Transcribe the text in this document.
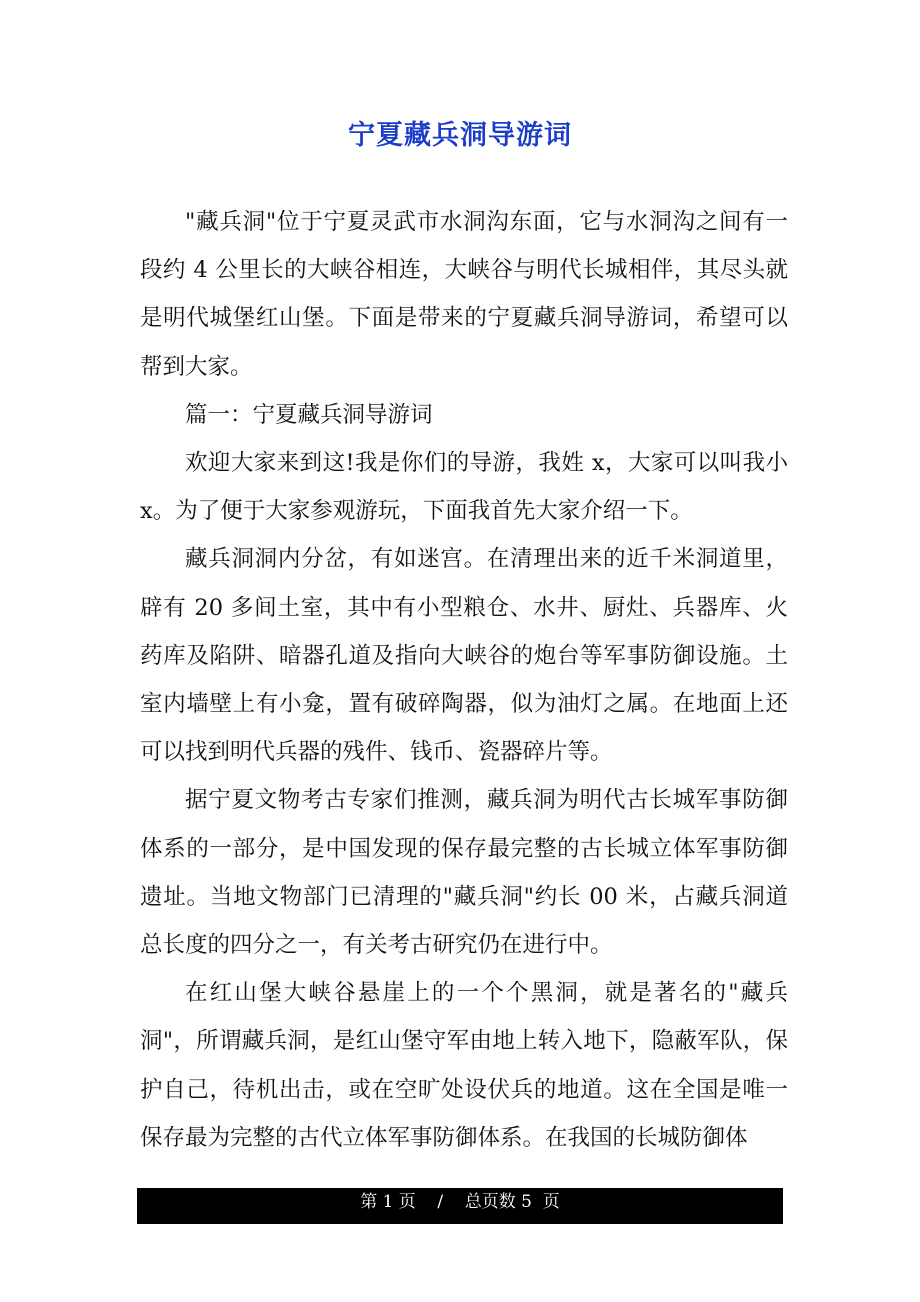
宁夏藏兵洞导游词

"藏兵洞"位于宁夏灵武市水洞沟东面，它与水洞沟之间有一段约 4 公里长的大峡谷相连，大峡谷与明代长城相伴，其尽头就是明代城堡红山堡。下面是带来的宁夏藏兵洞导游词，希望可以帮到大家。

篇一：宁夏藏兵洞导游词

欢迎大家来到这!我是你们的导游，我姓 x，大家可以叫我小 x。为了便于大家参观游玩，下面我首先大家介绍一下。

藏兵洞洞内分岔，有如迷宫。在清理出来的近千米洞道里，辟有 20 多间土室，其中有小型粮仓、水井、厨灶、兵器库、火药库及陷阱、暗器孔道及指向大峡谷的炮台等军事防御设施。土室内墙壁上有小龛，置有破碎陶器，似为油灯之属。在地面上还可以找到明代兵器的残件、钱币、瓷器碎片等。

据宁夏文物考古专家们推测，藏兵洞为明代古长城军事防御体系的一部分，是中国发现的保存最完整的古长城立体军事防御遗址。当地文物部门已清理的"藏兵洞"约长 00 米，占藏兵洞道总长度的四分之一，有关考古研究仍在进行中。

在红山堡大峡谷悬崖上的一个个黑洞，就是著名的"藏兵洞"，所谓藏兵洞，是红山堡守军由地上转入地下，隐蔽军队，保护自己，待机出击，或在空旷处设伏兵的地道。这在全国是唯一保存最为完整的古代立体军事防御体系。在我国的长城防御体

第 1 页    /    总页数 5  页
